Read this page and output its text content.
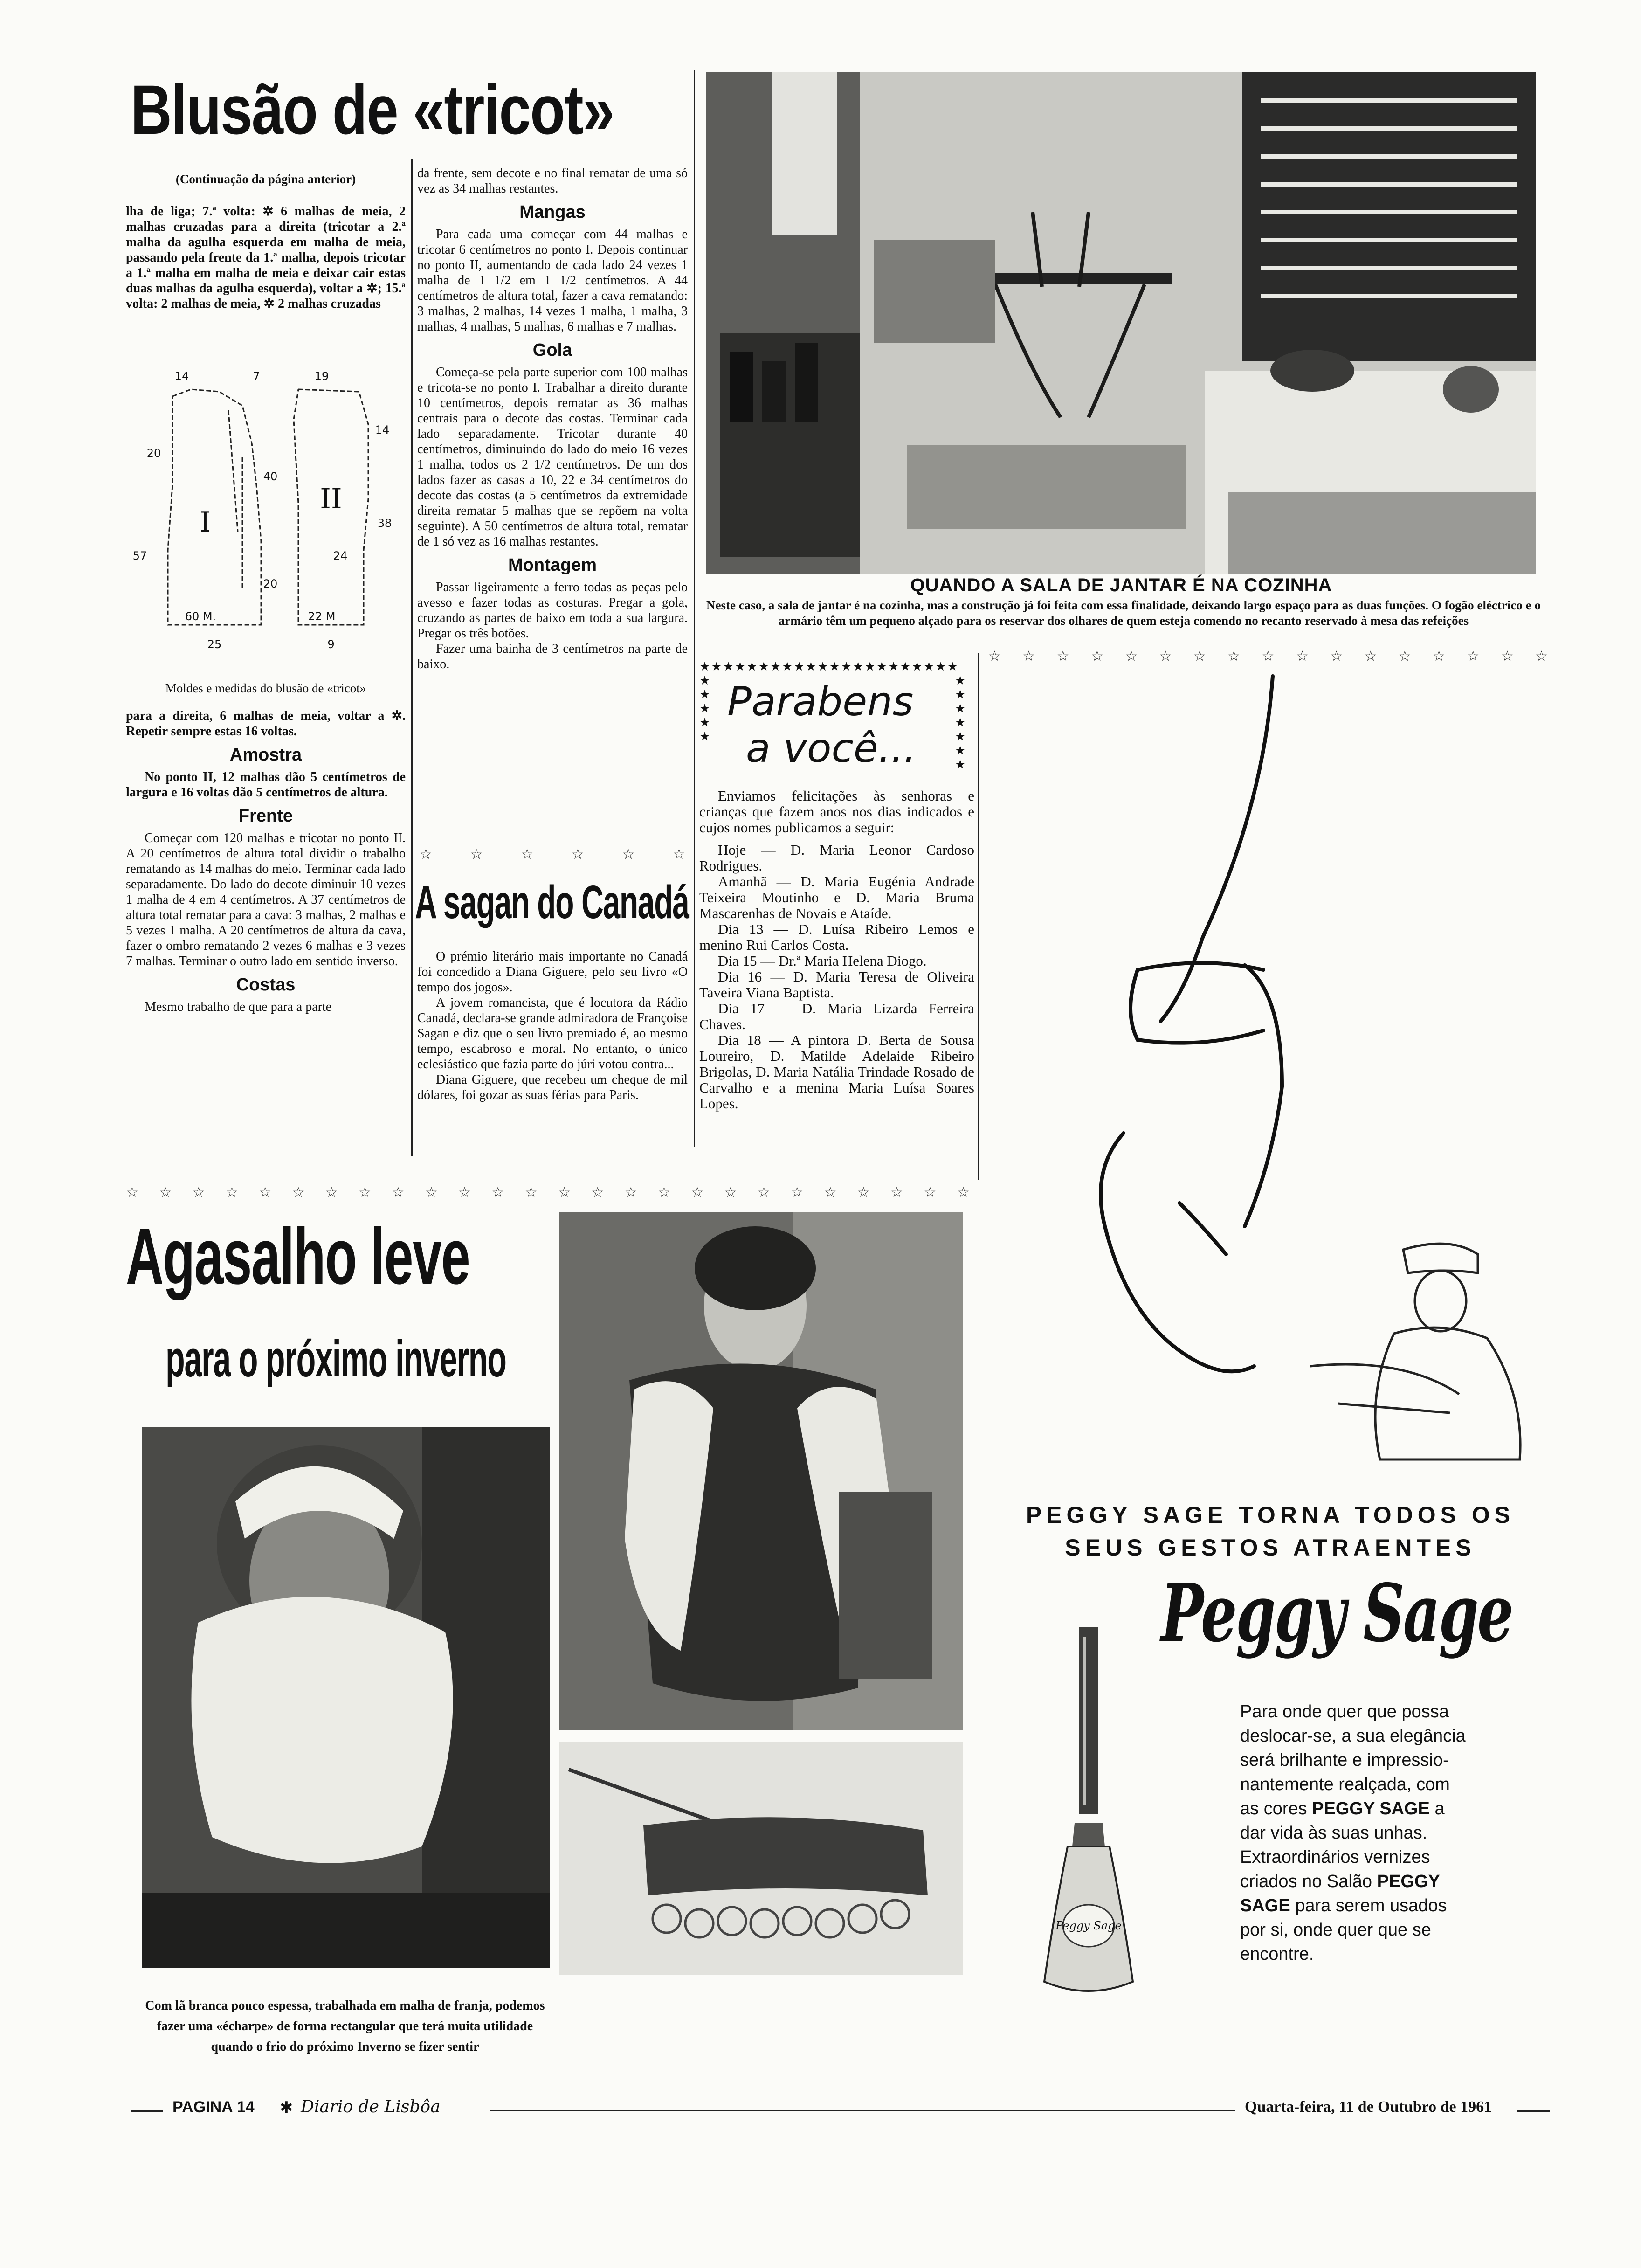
Blusão de «tricot»
(Continuação da página anterior)
lha de liga; 7.ª volta: ✲ 6 malhas de meia, 2 malhas cruzadas para a direita (tricotar a 2.ª malha da agulha esquerda em malha de meia, passando pela frente da 1.ª malha, depois tricotar a 1.ª malha em malha de meia e deixar cair estas duas malhas da agulha esquerda), voltar a ✲; 15.ª volta: 2 malhas de meia, ✲ 2 malhas cruzadas
14	19
7
20
40
14
57
20
24
38
25	9
60 M.	22 M
I
II
Moldes e medidas do blusão de «tricot»
para a direita, 6 malhas de meia, voltar a ✲. Repetir sempre estas 16 voltas.
Amostra

No ponto II, 12 malhas dão 5 centímetros de largura e 16 voltas dão 5 centímetros de altura.

Frente

Começar com 120 malhas e tricotar no ponto II. A 20 centímetros de altura total dividir o trabalho rematando as 14 malhas do meio. Terminar cada lado separadamente. Do lado do decote diminuir 10 vezes 1 malha de 4 em 4 centímetros. A 37 centímetros de altura total rematar para a cava: 3 malhas, 2 malhas e 5 vezes 1 malha. A 20 centímetros de altura da cava, fazer o ombro rematando 2 vezes 6 malhas e 3 vezes 7 malhas. Terminar o outro lado em sentido inverso.

Costas

Mesmo trabalho de que para a parte

da frente, sem decote e no final rematar de uma só vez as 34 malhas restantes.
Mangas

Para cada uma começar com 44 malhas e tricotar 6 centímetros no ponto I. Depois continuar no ponto II, aumentando de cada lado 24 vezes 1 malha de 1 1/2 em 1 1/2 centímetros. A 44 centímetros de altura total, fazer a cava rematando: 3 malhas, 2 malhas, 14 vezes 1 malha, 1 malha, 3 malhas, 4 malhas, 5 malhas, 6 malhas e 7 malhas.

Gola

Começa-se pela parte superior com 100 malhas e tricota-se no ponto I. Trabalhar a direito durante 10 centímetros, depois rematar as 36 malhas centrais para o decote das costas. Terminar cada lado separadamente. Tricotar durante 40 centímetros, diminuindo do lado do meio 16 vezes 1 malha, todos os 2 1/2 centímetros. De um dos lados fazer as casas a 10, 22 e 34 centímetros do decote das costas (a 5 centímetros da extremidade direita rematar 5 malhas que se repõem na volta seguinte). A 50 centímetros de altura total, rematar de 1 só vez as 16 malhas restantes.

Montagem

Passar ligeiramente a ferro todas as peças pelo avesso e fazer todas as costuras. Pregar a gola, cruzando as partes de baixo em toda a sua largura. Pregar os três botões.

Fazer uma bainha de 3 centímetros na parte de baixo.

☆	☆	☆	☆	☆	☆
A sagan do Canadá

O prémio literário mais importante no Canadá foi concedido a Diana Giguere, pelo seu livro «O tempo dos jogos».

A jovem romancista, que é locutora da Rádio Canadá, declara-se grande admiradora de Françoise Sagan e diz que o seu livro premiado é, ao mesmo tempo, escabroso e moral. No entanto, o único eclesiástico que fazia parte do júri votou contra...

Diana Giguere, que recebeu um cheque de mil dólares, foi gozar as suas férias para Paris.

QUANDO A SALA DE JANTAR É NA COZINHA
Neste caso, a sala de jantar é na cozinha, mas a construção já foi feita com essa finalidade, deixando largo espaço para as duas funções. O fogão eléctrico e o armário têm um pequeno alçado para os reservar dos olhares de quem esteja comendo no recanto reservado à mesa das refeições
★★★★★★★★★★★★★★★★★★★★★★
★
★
★
★
★
★
★
★
★
★
★
★
Parabens
a você...

Enviamos felicitações às senhoras e crianças que fazem anos nos dias indicados e cujos nomes publicamos a seguir:

Hoje — D. Maria Leonor Cardoso Rodrigues.

Amanhã — D. Maria Eugénia Andrade Teixeira Moutinho e D. Maria Bruma Mascarenhas de Novais e Ataíde.

Dia 13 — D. Luísa Ribeiro Lemos e menino Rui Carlos Costa.

Dia 15 — Dr.ª Maria Helena Diogo.

Dia 16 — D. Maria Teresa de Oliveira Taveira Viana Baptista.

Dia 17 — D. Maria Lizarda Ferreira Chaves.

Dia 18 — A pintora D. Berta de Sousa Loureiro, D. Matilde Adelaide Ribeiro Brigolas, D. Maria Natália Trindade Rosado de Carvalho e a menina Maria Luísa Soares Lopes.

☆ ☆ ☆ ☆ ☆ ☆ ☆ ☆ ☆ ☆ ☆ ☆ ☆ ☆ ☆ ☆ ☆
☆ ☆ ☆ ☆ ☆ ☆ ☆ ☆ ☆ ☆ ☆ ☆ ☆ ☆ ☆ ☆ ☆ ☆ ☆ ☆ ☆ ☆ ☆ ☆ ☆ ☆
Agasalho leve
para o próximo inverno
Com lã branca pouco espessa, trabalhada em malha de franja, podemos fazer uma «écharpe» de forma rectangular que terá muita utilidade quando o frio do próximo Inverno se fizer sentir
PEGGY SAGE TORNA TODOS OS
SEUS GESTOS ATRAENTES
Peggy Sage
Peggy Sage
Para onde quer que possa
deslocar-se, a sua elegância
será brilhante e impressio-
nantemente realçada, com
as cores PEGGY SAGE a
dar vida às suas unhas.
Extraordinários vernizes
criados no Salão PEGGY
SAGE para serem usados
por si, onde quer que se
encontre.
PAGINA 14 ✱ Diario de Lisbôa	Quarta-feira, 11 de Outubro de 1961
